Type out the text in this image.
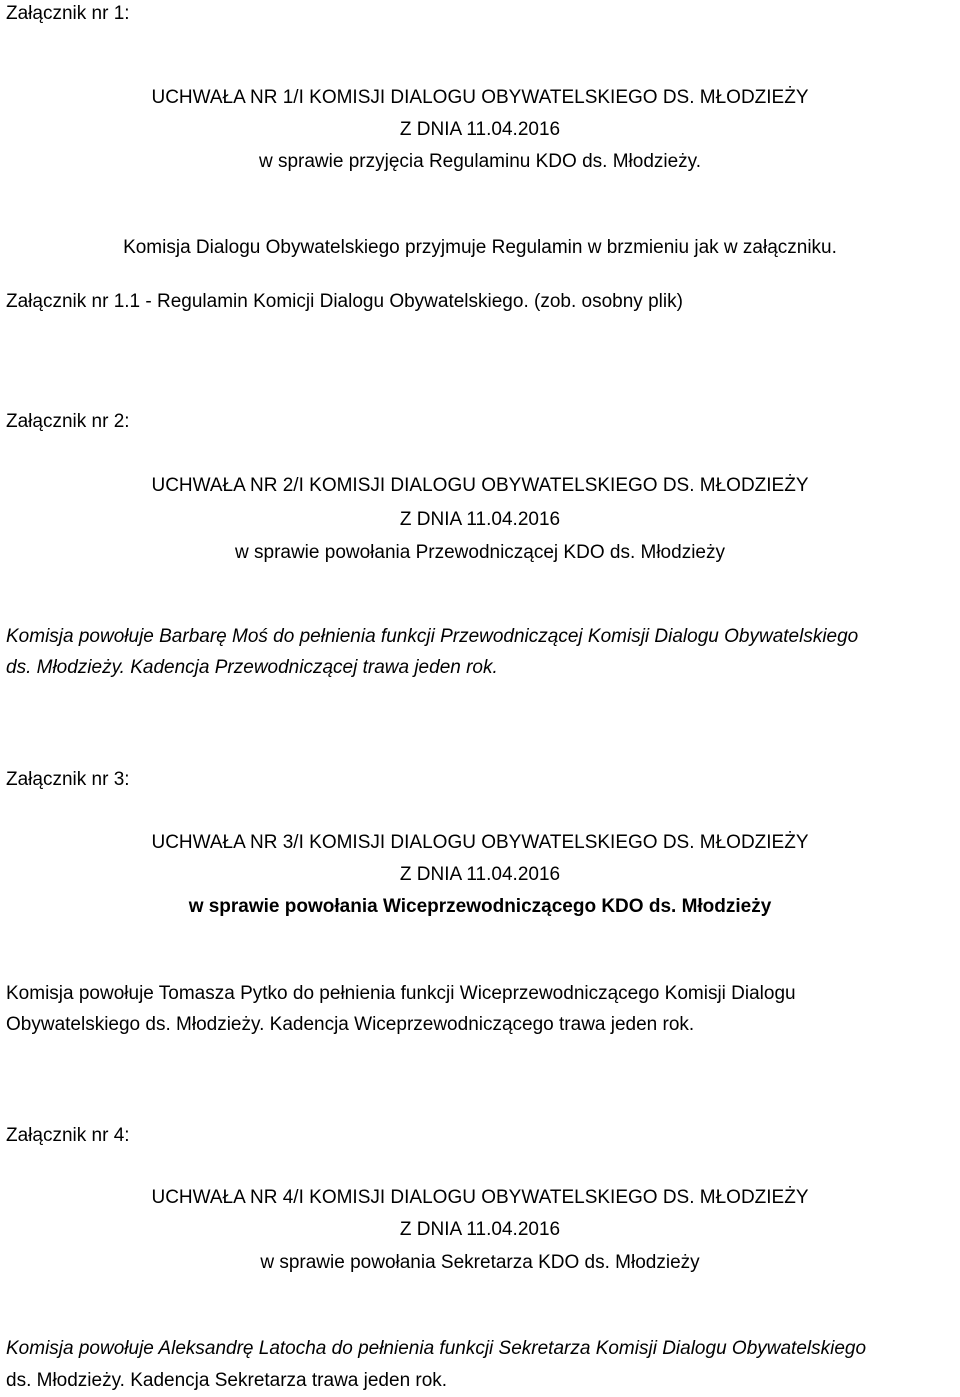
Załącznik nr 1:
UCHWAŁA NR 1/I KOMISJI DIALOGU OBYWATELSKIEGO DS. MŁODZIEŻY
Z DNIA 11.04.2016
w sprawie przyjęcia Regulaminu KDO ds. Młodzieży.
Komisja Dialogu Obywatelskiego przyjmuje Regulamin w brzmieniu jak w załączniku.
Załącznik nr 1.1 - Regulamin Komicji Dialogu Obywatelskiego. (zob. osobny plik)
Załącznik nr 2:
UCHWAŁA NR 2/I KOMISJI DIALOGU OBYWATELSKIEGO DS. MŁODZIEŻY
Z DNIA 11.04.2016
w sprawie powołania Przewodniczącej KDO ds. Młodzieży
Komisja powołuje Barbarę Moś do pełnienia funkcji Przewodniczącej Komisji Dialogu Obywatelskiego
ds. Młodzieży. Kadencja Przewodniczącej trawa jeden rok.
Załącznik nr 3:
UCHWAŁA NR 3/I KOMISJI DIALOGU OBYWATELSKIEGO DS. MŁODZIEŻY
Z DNIA 11.04.2016
w sprawie powołania Wiceprzewodniczącego KDO ds. Młodzieży
Komisja powołuje Tomasza Pytko do pełnienia funkcji Wiceprzewodniczącego Komisji Dialogu
Obywatelskiego ds. Młodzieży. Kadencja Wiceprzewodniczącego trawa jeden rok.
Załącznik nr 4:
UCHWAŁA NR 4/I KOMISJI DIALOGU OBYWATELSKIEGO DS. MŁODZIEŻY
Z DNIA 11.04.2016
w sprawie powołania Sekretarza KDO ds. Młodzieży
Komisja powołuje Aleksandrę Latocha do pełnienia funkcji Sekretarza Komisji Dialogu Obywatelskiego
ds. Młodzieży. Kadencja Sekretarza trawa jeden rok.
